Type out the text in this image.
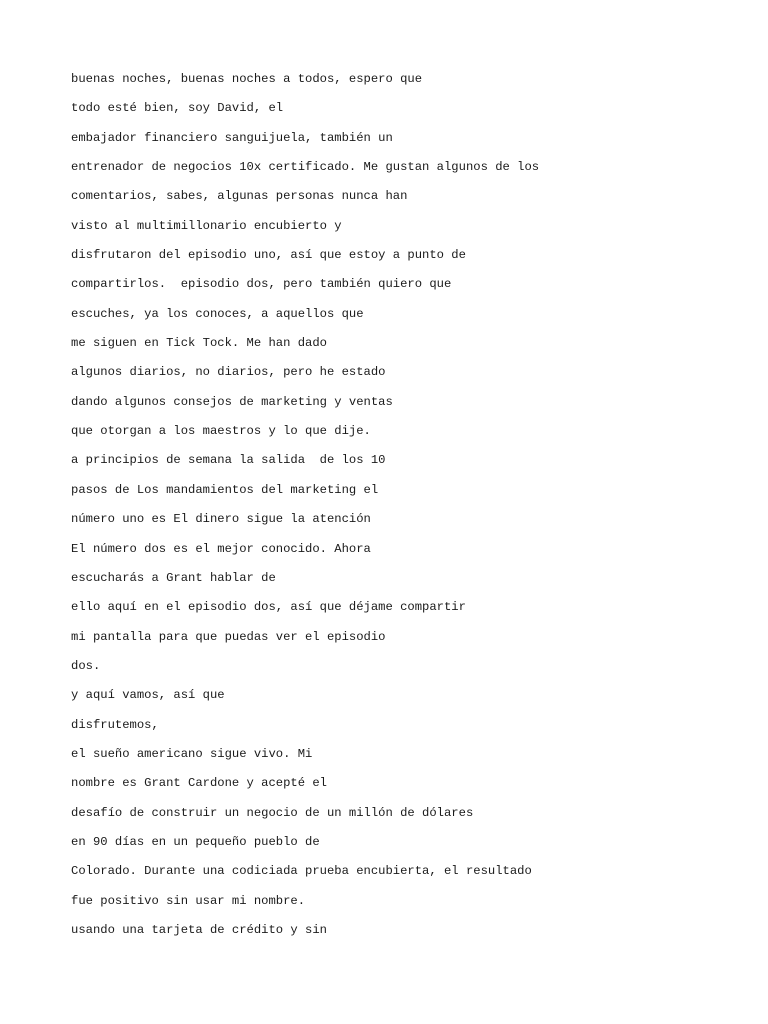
buenas noches, buenas noches a todos, espero que
todo esté bien, soy David, el
embajador financiero sanguijuela, también un
entrenador de negocios 10x certificado. Me gustan algunos de los
comentarios, sabes, algunas personas nunca han
visto al multimillonario encubierto y
disfrutaron del episodio uno, así que estoy a punto de
compartirlos.  episodio dos, pero también quiero que
escuches, ya los conoces, a aquellos que
me siguen en Tick Tock. Me han dado
algunos diarios, no diarios, pero he estado
dando algunos consejos de marketing y ventas
que otorgan a los maestros y lo que dije.
a principios de semana la salida  de los 10
pasos de Los mandamientos del marketing el
número uno es El dinero sigue la atención
El número dos es el mejor conocido. Ahora
escucharás a Grant hablar de
ello aquí en el episodio dos, así que déjame compartir
mi pantalla para que puedas ver el episodio
dos.
y aquí vamos, así que
disfrutemos,
el sueño americano sigue vivo. Mi
nombre es Grant Cardone y acepté el
desafío de construir un negocio de un millón de dólares
en 90 días en un pequeño pueblo de
Colorado. Durante una codiciada prueba encubierta, el resultado
fue positivo sin usar mi nombre.
usando una tarjeta de crédito y sin
